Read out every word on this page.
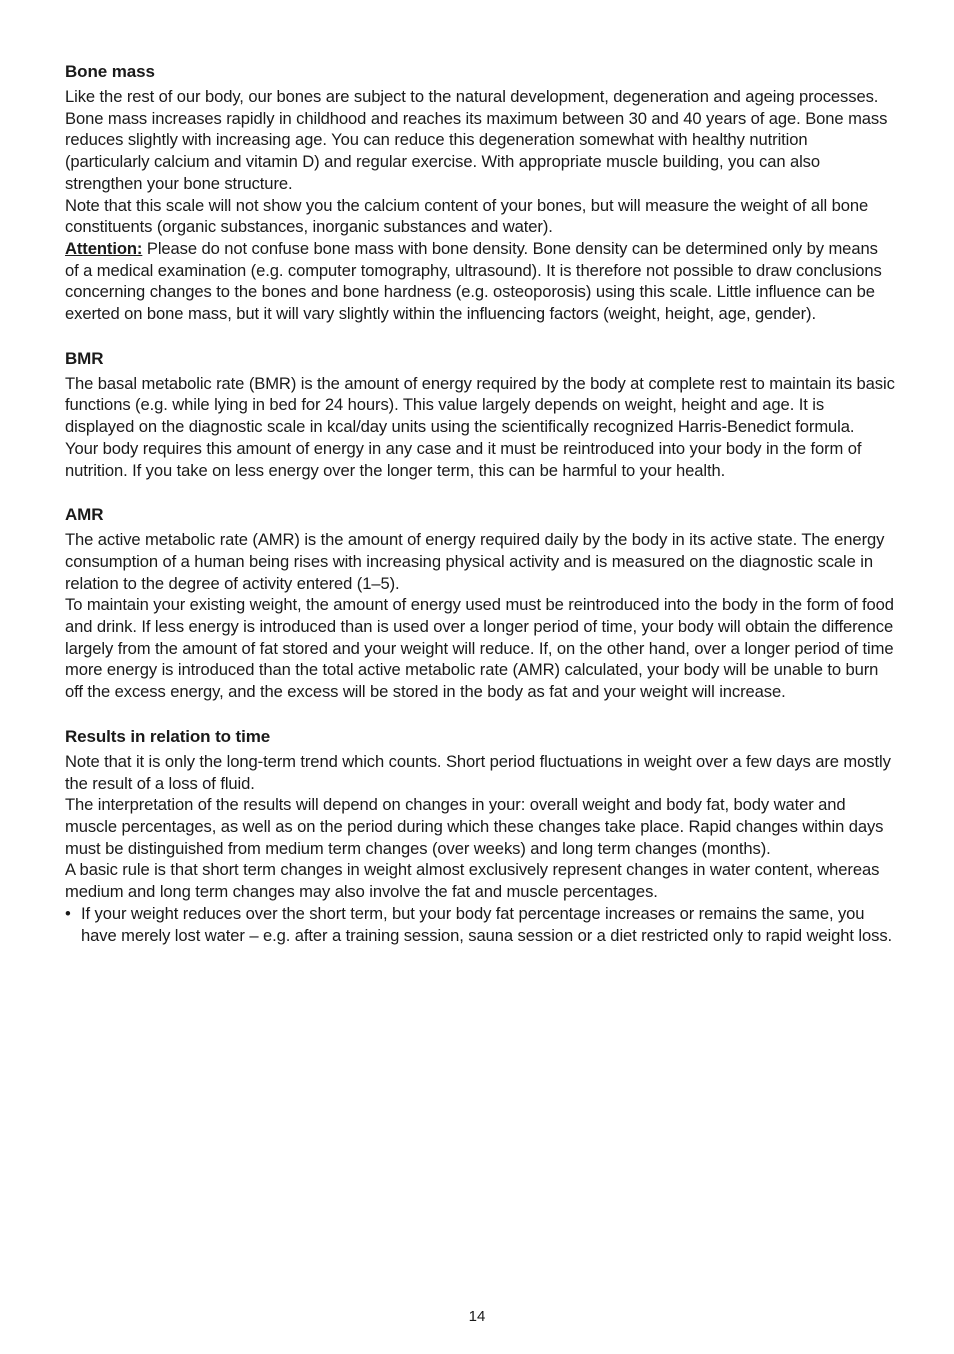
Bone mass

Like the rest of our body, our bones are subject to the natural development, degeneration and ageing processes. Bone mass increases rapidly in childhood and reaches its maximum between 30 and 40 years of age. Bone mass reduces slightly with increasing age. You can reduce this degeneration somewhat with healthy nutrition (particularly calcium and vitamin D) and regular exercise. With appropriate muscle building, you can also strengthen your bone structure.

Note that this scale will not show you the calcium content of your bones, but will measure the weight of all bone constituents (organic substances, inorganic substances and water).

Attention: Please do not confuse bone mass with bone density. Bone density can be determined only by means of a medical examination (e.g. computer tomography, ultrasound). It is therefore not possible to draw conclusions concerning changes to the bones and bone hardness (e.g. osteoporosis) using this scale. Little influence can be exerted on bone mass, but it will vary slightly within the influencing factors (weight, height, age, gender).

BMR

The basal metabolic rate (BMR) is the amount of energy required by the body at complete rest to maintain its basic functions (e.g. while lying in bed for 24 hours). This value largely depends on weight, height and age. It is displayed on the diagnostic scale in kcal/day units using the scientifically recognized Harris-Benedict formula.

Your body requires this amount of energy in any case and it must be reintroduced into your body in the form of nutrition. If you take on less energy over the longer term, this can be harmful to your health.

AMR

The active metabolic rate (AMR) is the amount of energy required daily by the body in its active state. The energy consumption of a human being rises with increasing physical activity and is measured on the diagnostic scale in relation to the degree of activity entered (1–5).

To maintain your existing weight, the amount of energy used must be reintroduced into the body in the form of food and drink. If less energy is introduced than is used over a longer period of time, your body will obtain the difference largely from the amount of fat stored and your weight will reduce. If, on the other hand, over a longer period of time more energy is introduced than the total active metabolic rate (AMR) calculated, your body will be unable to burn off the excess energy, and the excess will be stored in the body as fat and your weight will increase.

Results in relation to time

Note that it is only the long-term trend which counts. Short period fluctuations in weight over a few days are mostly the result of a loss of fluid.

The interpretation of the results will depend on changes in your: overall weight and body fat, body water and muscle percentages, as well as on the period during which these changes take place. Rapid changes within days must be distinguished from medium term changes (over weeks) and long term changes (months).

A basic rule is that short term changes in weight almost exclusively represent changes in water content, whereas medium and long term changes may also involve the fat and muscle percentages.

• If your weight reduces over the short term, but your body fat percentage increases or remains the same, you have merely lost water – e.g. after a training session, sauna session or a diet restricted only to rapid weight loss.
14
